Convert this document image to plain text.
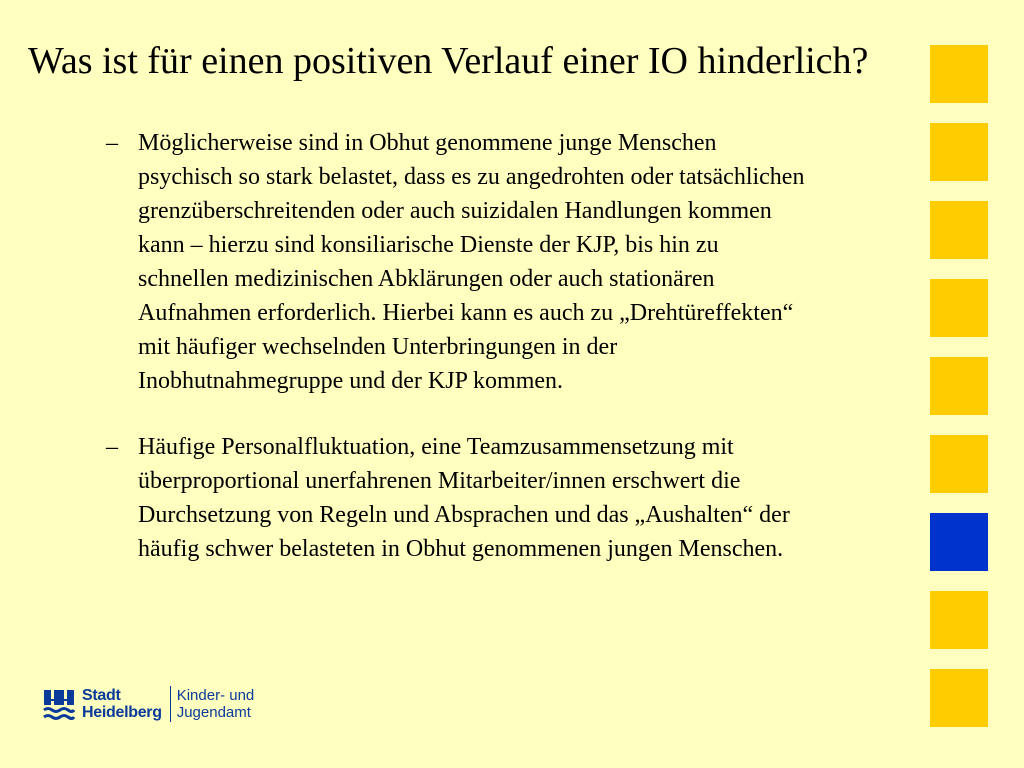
Was ist für einen positiven Verlauf einer IO hinderlich?
– Möglicherweise sind in Obhut genommene junge Menschen
psychisch so stark belastet, dass es zu angedrohten oder tatsächlichen
grenzüberschreitenden oder auch suizidalen Handlungen kommen
kann – hierzu sind konsiliarische Dienste der KJP, bis hin zu
schnellen medizinischen Abklärungen oder auch stationären
Aufnahmen erforderlich. Hierbei kann es auch zu „Drehtüreffekten“
mit häufiger wechselnden Unterbringungen in der
Inobhutnahmegruppe und der KJP kommen.
– Häufige Personalfluktuation, eine Teamzusammensetzung mit
überproportional unerfahrenen Mitarbeiter/innen erschwert die
Durchsetzung von Regeln und Absprachen und das „Aushalten“ der
häufig schwer belasteten in Obhut genommenen jungen Menschen.
Stadt
Heidelberg
Kinder- und
Jugendamt
